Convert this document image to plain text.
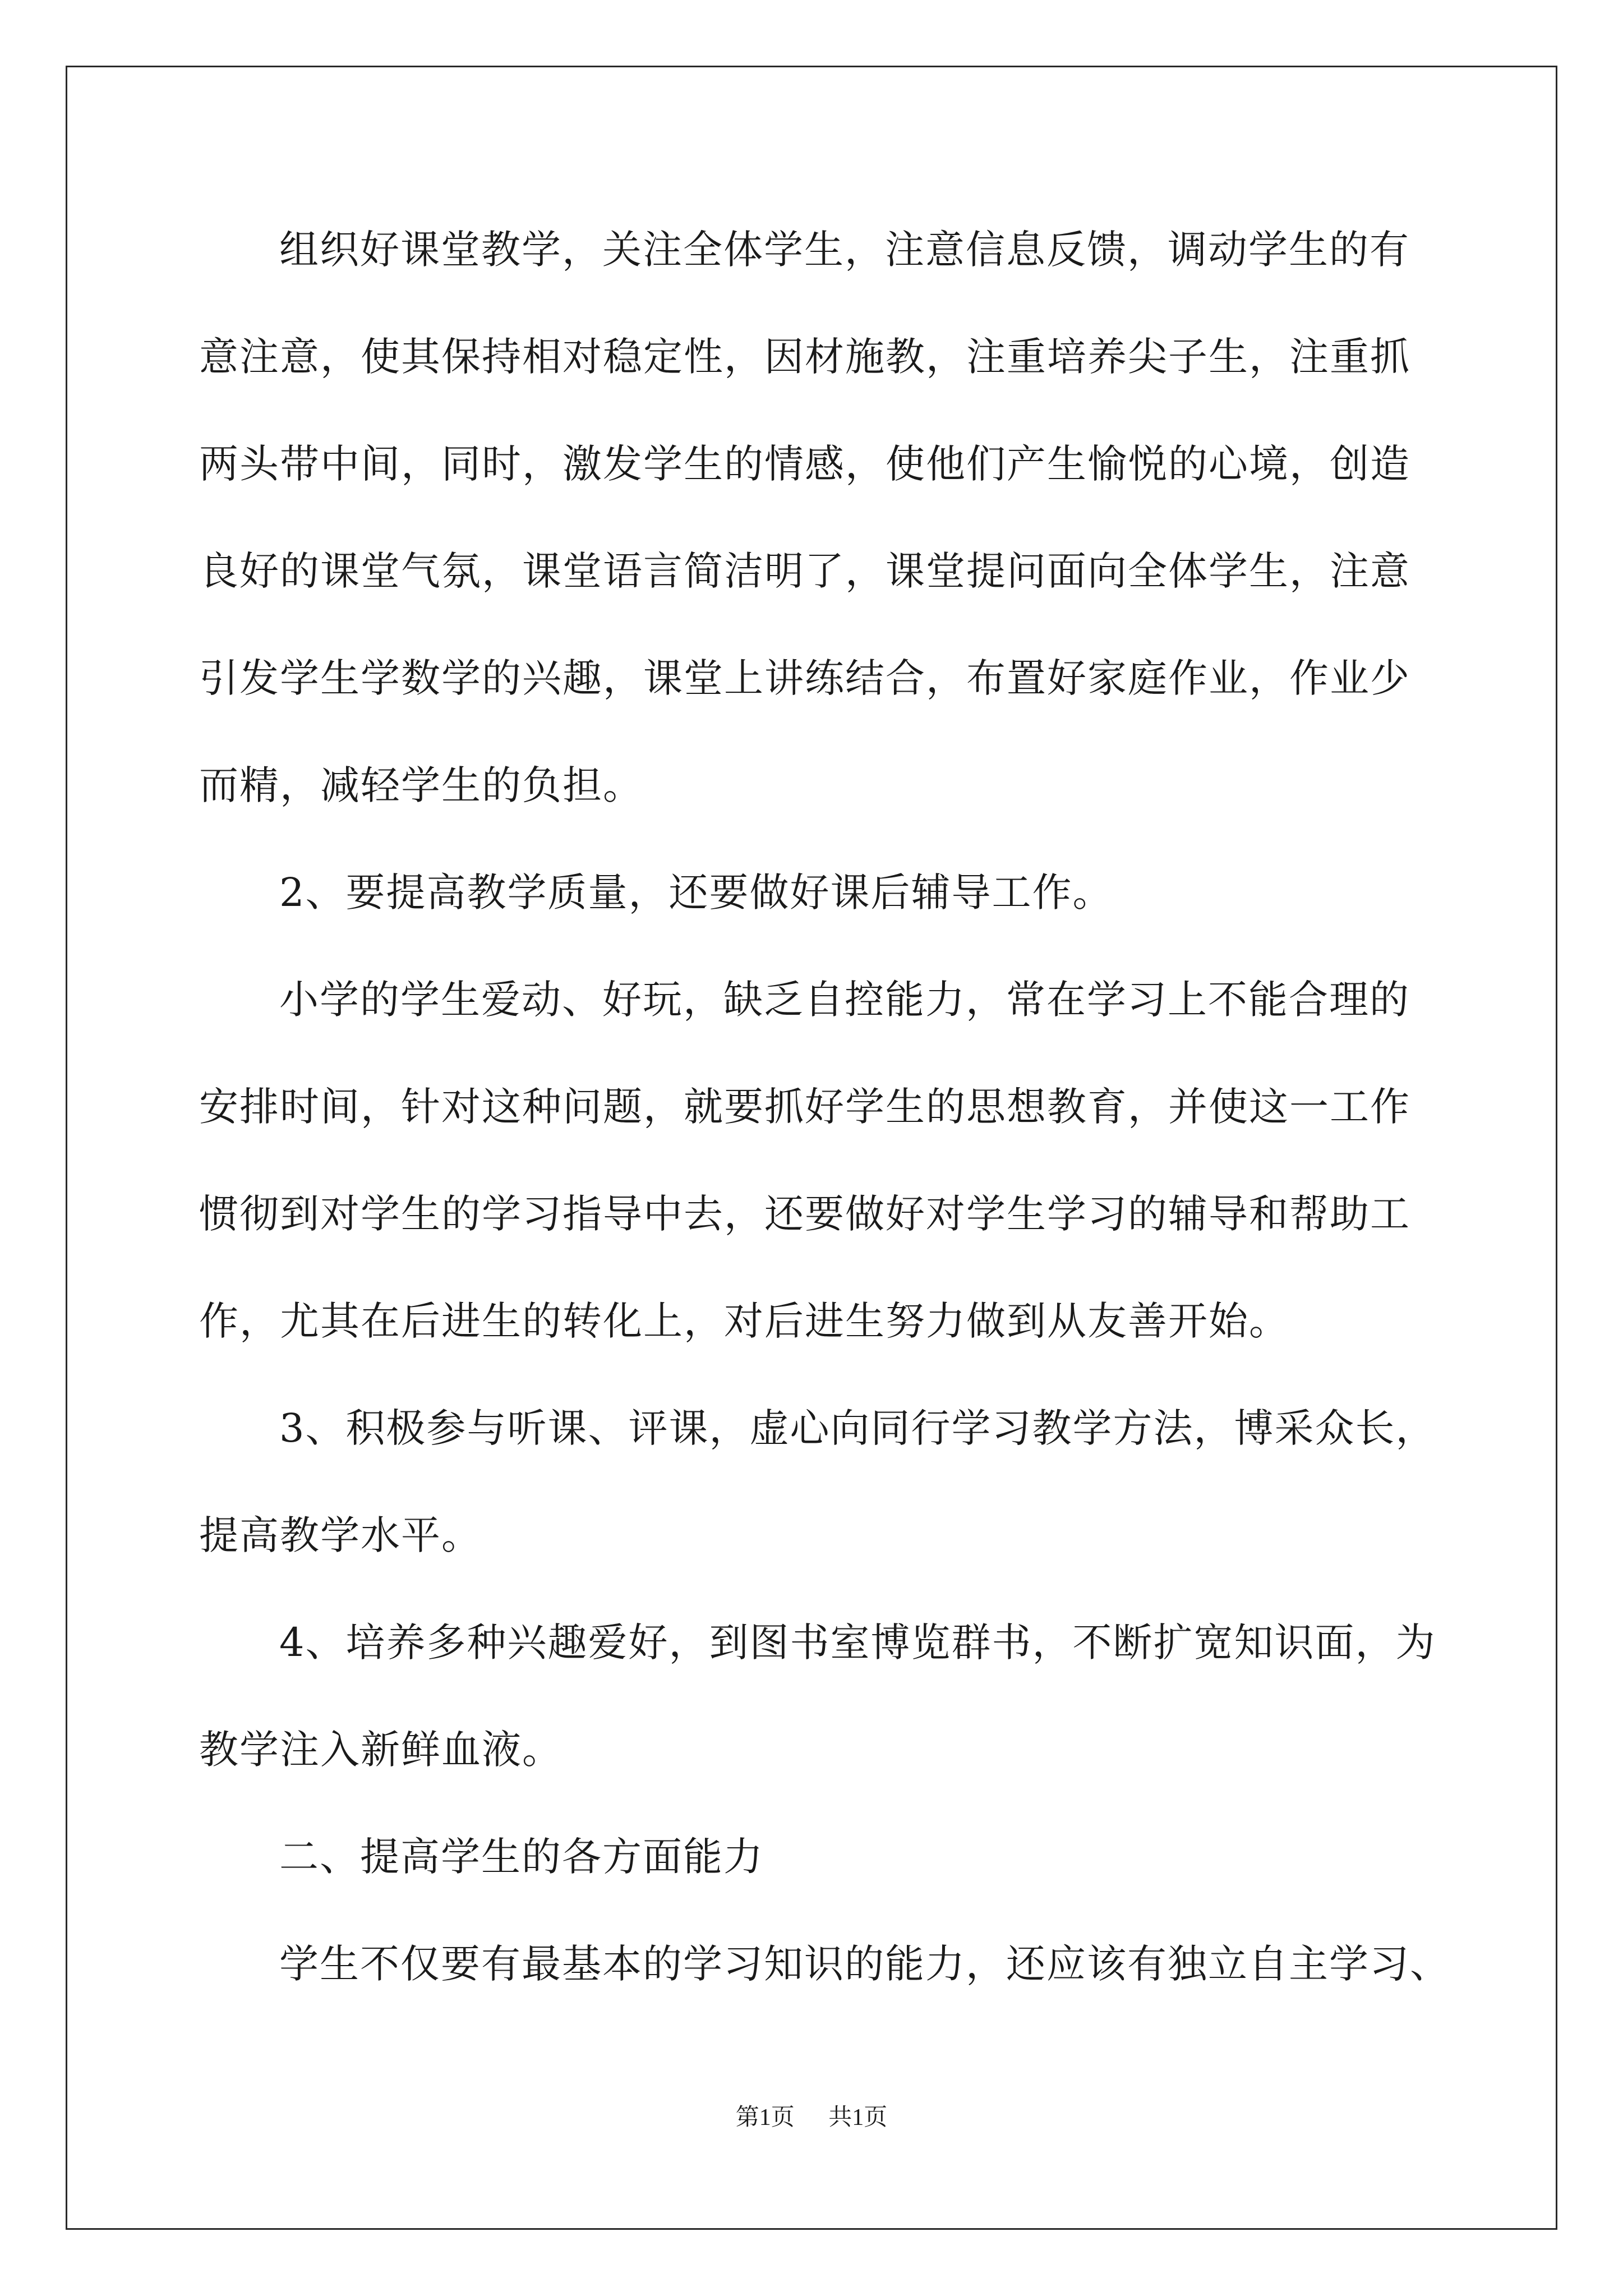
组织好课堂教学，关注全体学生，注意信息反馈，调动学生的有
意注意，使其保持相对稳定性，因材施教，注重培养尖子生，注重抓
两头带中间，同时，激发学生的情感，使他们产生愉悦的心境，创造
良好的课堂气氛，课堂语言简洁明了，课堂提问面向全体学生，注意
引发学生学数学的兴趣，课堂上讲练结合，布置好家庭作业，作业少
而精，减轻学生的负担。
2、要提高教学质量，还要做好课后辅导工作。
小学的学生爱动、好玩，缺乏自控能力，常在学习上不能合理的
安排时间，针对这种问题，就要抓好学生的思想教育，并使这一工作
惯彻到对学生的学习指导中去，还要做好对学生学习的辅导和帮助工
作，尤其在后进生的转化上，对后进生努力做到从友善开始。
3、积极参与听课、评课，虚心向同行学习教学方法，博采众长，
提高教学水平。
4、培养多种兴趣爱好，到图书室博览群书，不断扩宽知识面，为
教学注入新鲜血液。
二、提高学生的各方面能力
学生不仅要有最基本的学习知识的能力，还应该有独立自主学习、
第1页 共1页
